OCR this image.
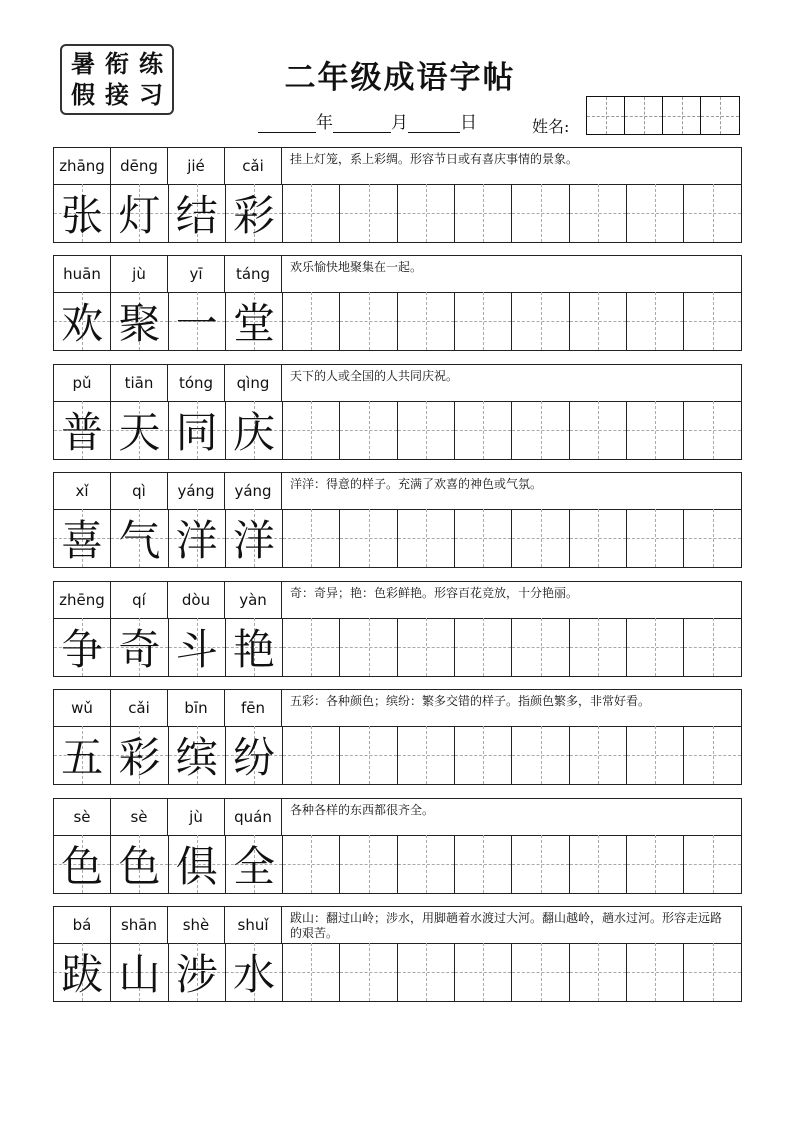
暑 衔 练
假 接 习	二年级成语字帖
年	月	日	姓名:
zhāng	dēng	jié	cǎi	挂上灯笼，系上彩绸。形容节日或有喜庆事情的景象。
张 灯 结 彩
huān	jù	yī	táng	欢乐愉快地聚集在一起。
欢 聚 一 堂
pǔ	tiān	tóng	qìng	天下的人或全国的人共同庆祝。
普 天 同 庆
xǐ	qì	yáng	yáng	洋洋：得意的样子。充满了欢喜的神色或气氛。
喜 气 洋 洋
zhēng	qí	dòu	yàn	奇：奇异；艳：色彩鲜艳。形容百花竞放，十分艳丽。
争 奇 斗 艳
wǔ	cǎi	bīn	fēn	五彩：各种颜色；缤纷：繁多交错的样子。指颜色繁多，非常好看。
五 彩 缤 纷
sè	sè	jù	quán	各种各样的东西都很齐全。
色 色 俱 全
bá	shān	shè	shuǐ	跋山：翻过山岭；涉水，用脚趟着水渡过大河。翻山越岭，趟水过河。形容走远路的艰苦。
跋 山 涉 水
